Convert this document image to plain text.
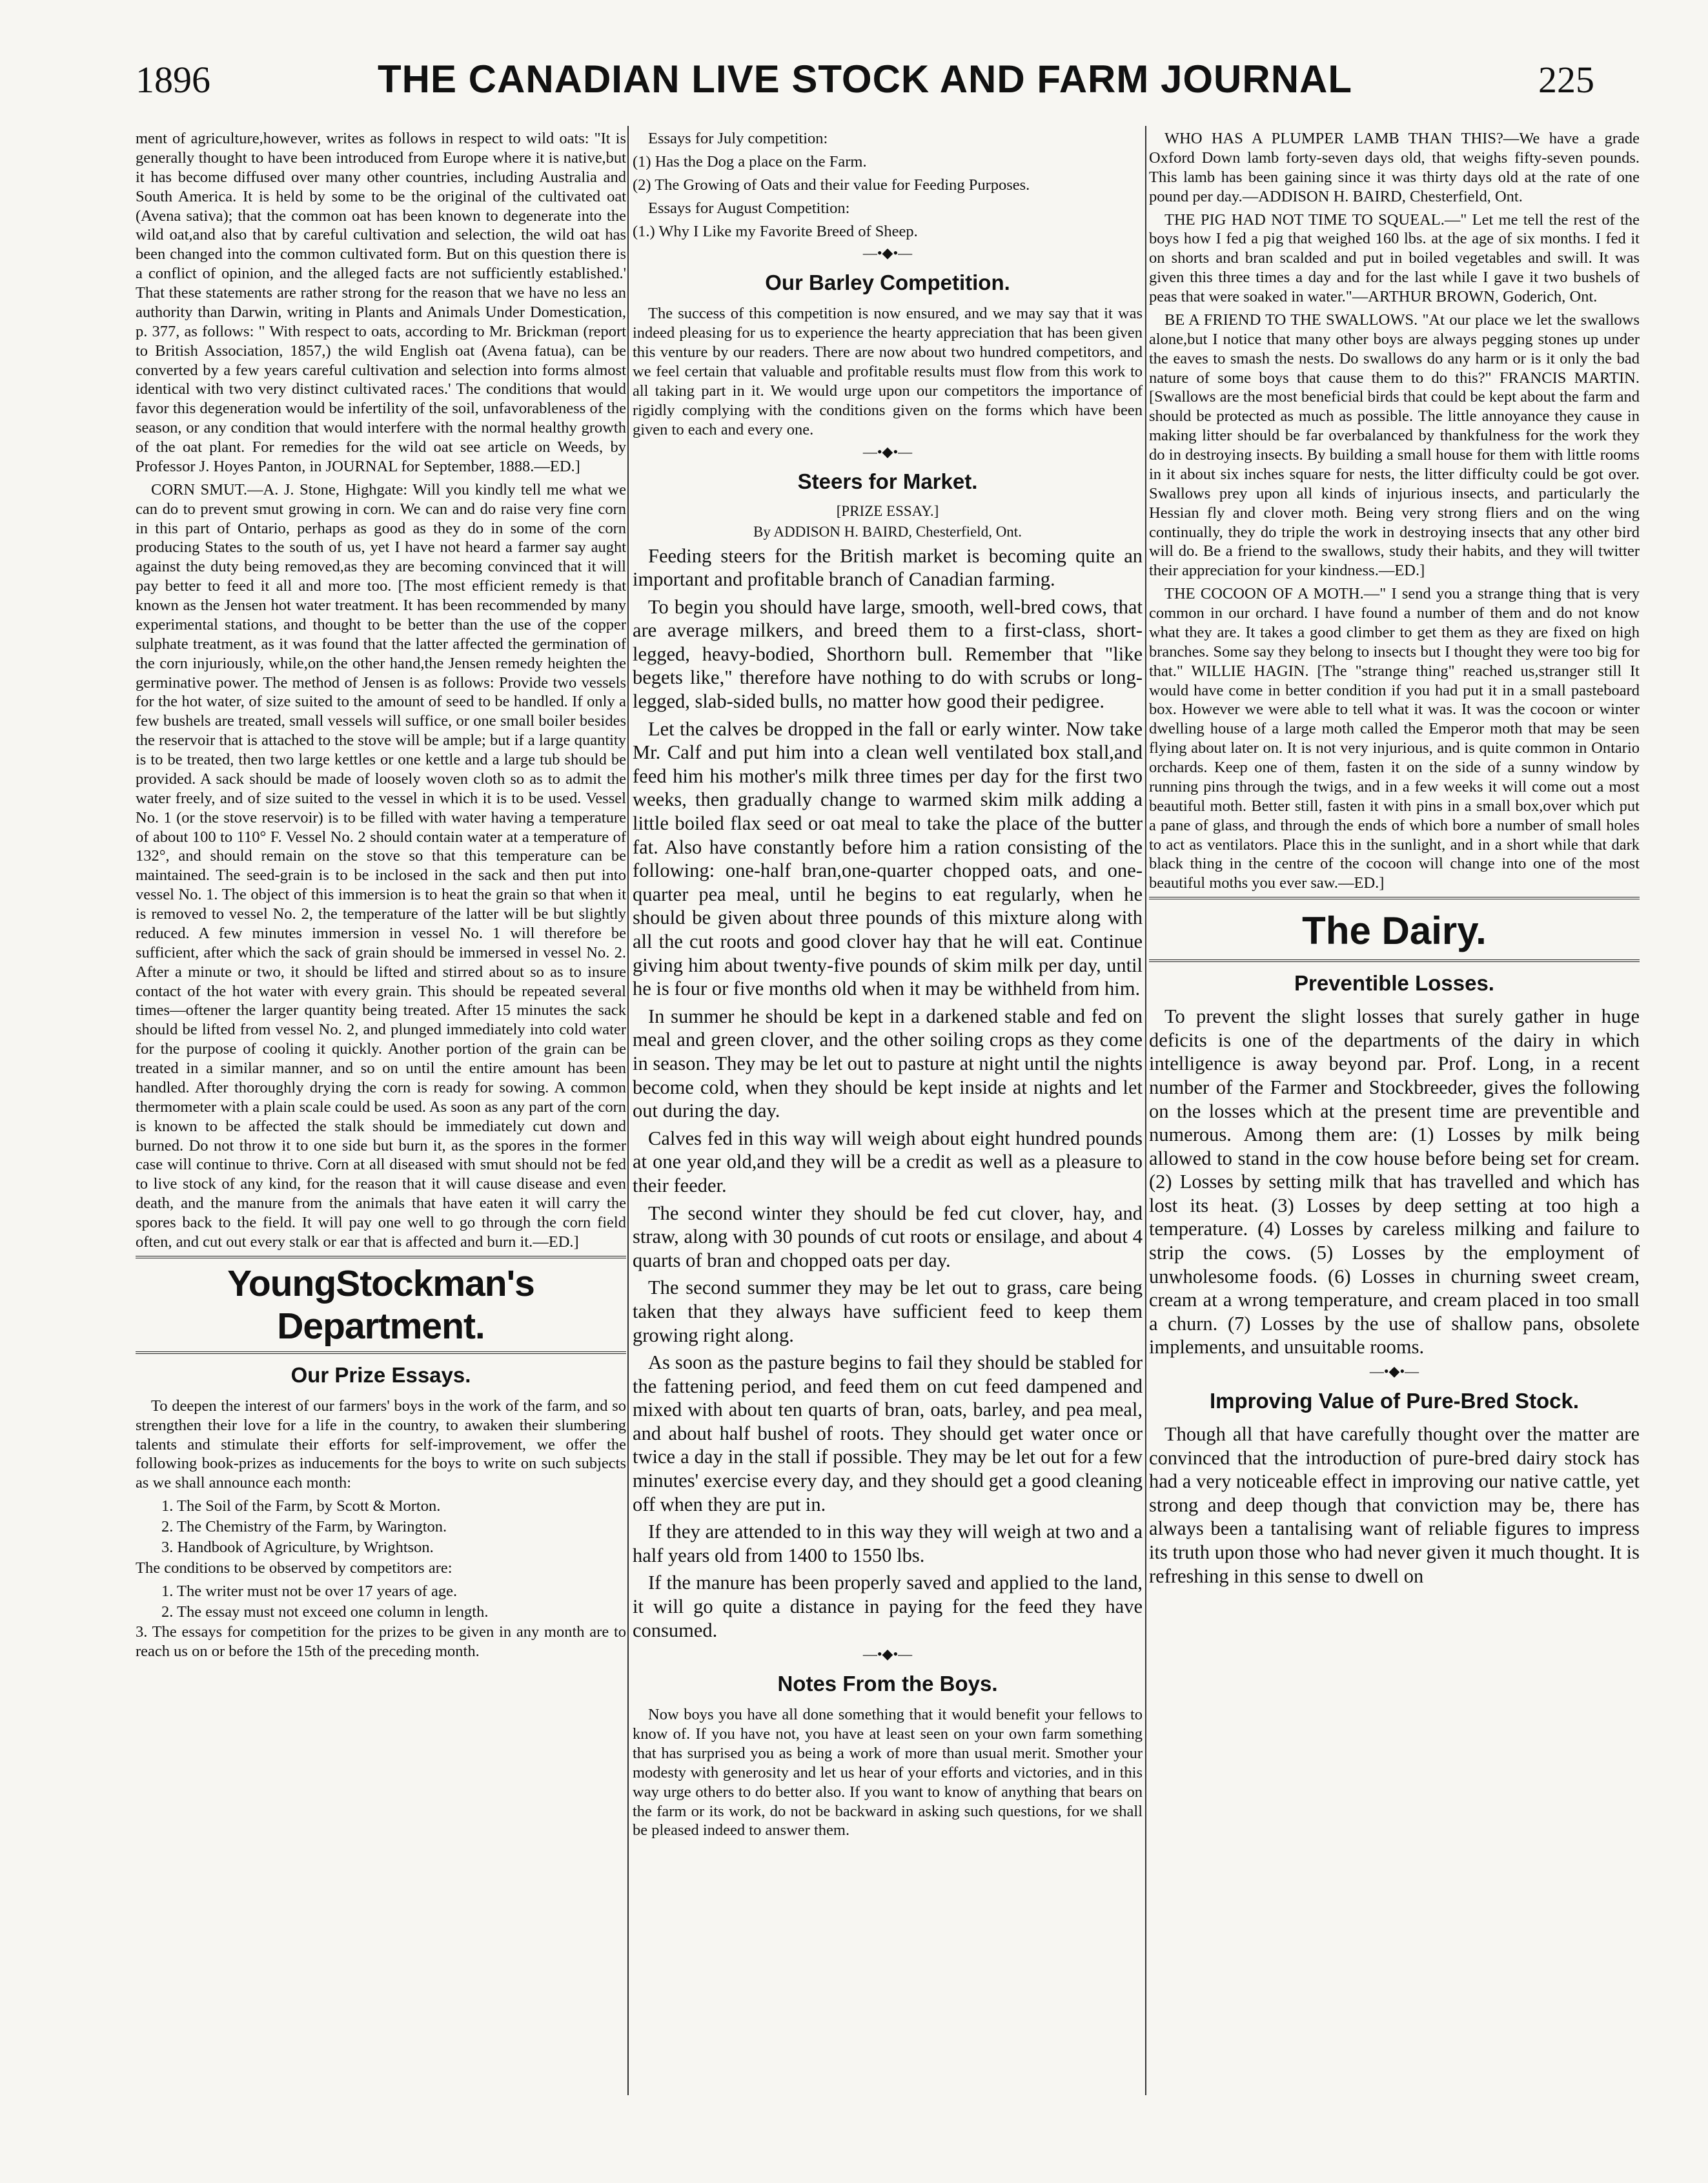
1896	THE CANADIAN LIVE STOCK AND FARM JOURNAL	225

ment of agriculture,however, writes as follows in respect to wild oats: "It is generally thought to have been introduced from Europe where it is native,but it has become diffused over many other countries, including Australia and South America. It is held by some to be the original of the cultivated oat (Avena sativa); that the common oat has been known to degenerate into the wild oat,and also that by careful cultivation and selection, the wild oat has been changed into the common cultivated form. But on this question there is a conflict of opinion, and the alleged facts are not sufficiently established.' That these statements are rather strong for the reason that we have no less an authority than Darwin, writing in Plants and Animals Under Domestication, p. 377, as follows: " With respect to oats, according to Mr. Brickman (report to British Association, 1857,) the wild English oat (Avena fatua), can be converted by a few years careful cultivation and selection into forms almost identical with two very distinct cultivated races.' The conditions that would favor this degeneration would be infertility of the soil, unfavorableness of the season, or any condition that would interfere with the normal healthy growth of the oat plant. For remedies for the wild oat see article on Weeds, by Professor J. Hoyes Panton, in JOURNAL for September, 1888.—ED.]

CORN SMUT.—A. J. Stone, Highgate: Will you kindly tell me what we can do to prevent smut growing in corn. We can and do raise very fine corn in this part of Ontario, perhaps as good as they do in some of the corn producing States to the south of us, yet I have not heard a farmer say aught against the duty being removed,as they are becoming convinced that it will pay better to feed it all and more too. [The most efficient remedy is that known as the Jensen hot water treatment. It has been recommended by many experimental stations, and thought to be better than the use of the copper sulphate treatment, as it was found that the latter affected the germination of the corn injuriously, while,on the other hand,the Jensen remedy heighten the germinative power. The method of Jensen is as follows: Provide two vessels for the hot water, of size suited to the amount of seed to be handled. If only a few bushels are treated, small vessels will suffice, or one small boiler besides the reservoir that is attached to the stove will be ample; but if a large quantity is to be treated, then two large kettles or one kettle and a large tub should be provided. A sack should be made of loosely woven cloth so as to admit the water freely, and of size suited to the vessel in which it is to be used. Vessel No. 1 (or the stove reservoir) is to be filled with water having a temperature of about 100 to 110° F. Vessel No. 2 should contain water at a temperature of 132°, and should remain on the stove so that this temperature can be maintained. The seed-grain is to be inclosed in the sack and then put into vessel No. 1. The object of this immersion is to heat the grain so that when it is removed to vessel No. 2, the temperature of the latter will be but slightly reduced. A few minutes immersion in vessel No. 1 will therefore be sufficient, after which the sack of grain should be immersed in vessel No. 2. After a minute or two, it should be lifted and stirred about so as to insure contact of the hot water with every grain. This should be repeated several times—oftener the larger quantity being treated. After 15 minutes the sack should be lifted from vessel No. 2, and plunged immediately into cold water for the purpose of cooling it quickly. Another portion of the grain can be treated in a similar manner, and so on until the entire amount has been handled. After thoroughly drying the corn is ready for sowing. A common thermometer with a plain scale could be used. As soon as any part of the corn is known to be affected the stalk should be immediately cut down and burned. Do not throw it to one side but burn it, as the spores in the former case will continue to thrive. Corn at all diseased with smut should not be fed to live stock of any kind, for the reason that it will cause disease and even death, and the manure from the animals that have eaten it will carry the spores back to the field. It will pay one well to go through the corn field often, and cut out every stalk or ear that is affected and burn it.—ED.]

YoungStockman's Department.
Our Prize Essays.

To deepen the interest of our farmers' boys in the work of the farm, and so strengthen their love for a life in the country, to awaken their slumbering talents and stimulate their efforts for self-improvement, we offer the following book-prizes as inducements for the boys to write on such subjects as we shall announce each month:

1. The Soil of the Farm, by Scott & Morton.

2. The Chemistry of the Farm, by Warington.

3. Handbook of Agriculture, by Wrightson.

The conditions to be observed by competitors are:

1. The writer must not be over 17 years of age.

2. The essay must not exceed one column in length.

3. The essays for competition for the prizes to be given in any month are to reach us on or before the 15th of the preceding month.

Essays for July competition:

(1) Has the Dog a place on the Farm.

(2) The Growing of Oats and their value for Feeding Purposes.

Essays for August Competition:

(1.) Why I Like my Favorite Breed of Sheep.

—•◆•—
Our Barley Competition.

The success of this competition is now ensured, and we may say that it was indeed pleasing for us to experience the hearty appreciation that has been given this venture by our readers. There are now about two hundred competitors, and we feel certain that valuable and profitable results must flow from this work to all taking part in it. We would urge upon our competitors the importance of rigidly complying with the conditions given on the forms which have been given to each and every one.

—•◆•—
Steers for Market.
[PRIZE ESSAY.]
By ADDISON H. BAIRD, Chesterfield, Ont.

Feeding steers for the British market is becoming quite an important and profitable branch of Canadian farming.

To begin you should have large, smooth, well-bred cows, that are average milkers, and breed them to a first-class, short-legged, heavy-bodied, Shorthorn bull. Remember that "like begets like," therefore have nothing to do with scrubs or long-legged, slab-sided bulls, no matter how good their pedigree.

Let the calves be dropped in the fall or early winter. Now take Mr. Calf and put him into a clean well ventilated box stall,and feed him his mother's milk three times per day for the first two weeks, then gradually change to warmed skim milk adding a little boiled flax seed or oat meal to take the place of the butter fat. Also have constantly before him a ration consisting of the following: one-half bran,one-quarter chopped oats, and one-quarter pea meal, until he begins to eat regularly, when he should be given about three pounds of this mixture along with all the cut roots and good clover hay that he will eat. Continue giving him about twenty-five pounds of skim milk per day, until he is four or five months old when it may be withheld from him.

In summer he should be kept in a darkened stable and fed on meal and green clover, and the other soiling crops as they come in season. They may be let out to pasture at night until the nights become cold, when they should be kept inside at nights and let out during the day.

Calves fed in this way will weigh about eight hundred pounds at one year old,and they will be a credit as well as a pleasure to their feeder.

The second winter they should be fed cut clover, hay, and straw, along with 30 pounds of cut roots or ensilage, and about 4 quarts of bran and chopped oats per day.

The second summer they may be let out to grass, care being taken that they always have sufficient feed to keep them growing right along.

As soon as the pasture begins to fail they should be stabled for the fattening period, and feed them on cut feed dampened and mixed with about ten quarts of bran, oats, barley, and pea meal, and about half bushel of roots. They should get water once or twice a day in the stall if possible. They may be let out for a few minutes' exercise every day, and they should get a good cleaning off when they are put in.

If they are attended to in this way they will weigh at two and a half years old from 1400 to 1550 lbs.

If the manure has been properly saved and applied to the land, it will go quite a distance in paying for the feed they have consumed.

—•◆•—
Notes From the Boys.

Now boys you have all done something that it would benefit your fellows to know of. If you have not, you have at least seen on your own farm something that has surprised you as being a work of more than usual merit. Smother your modesty with generosity and let us hear of your efforts and victories, and in this way urge others to do better also. If you want to know of anything that bears on the farm or its work, do not be backward in asking such questions, for we shall be pleased indeed to answer them.

WHO HAS A PLUMPER LAMB THAN THIS?—We have a grade Oxford Down lamb forty-seven days old, that weighs fifty-seven pounds. This lamb has been gaining since it was thirty days old at the rate of one pound per day.—ADDISON H. BAIRD, Chesterfield, Ont.

THE PIG HAD NOT TIME TO SQUEAL.—" Let me tell the rest of the boys how I fed a pig that weighed 160 lbs. at the age of six months. I fed it on shorts and bran scalded and put in boiled vegetables and swill. It was given this three times a day and for the last while I gave it two bushels of peas that were soaked in water."—ARTHUR BROWN, Goderich, Ont.

BE A FRIEND TO THE SWALLOWS. "At our place we let the swallows alone,but I notice that many other boys are always pegging stones up under the eaves to smash the nests. Do swallows do any harm or is it only the bad nature of some boys that cause them to do this?" FRANCIS MARTIN. [Swallows are the most beneficial birds that could be kept about the farm and should be protected as much as possible. The little annoyance they cause in making litter should be far overbalanced by thankfulness for the work they do in destroying insects. By building a small house for them with little rooms in it about six inches square for nests, the litter difficulty could be got over. Swallows prey upon all kinds of injurious insects, and particularly the Hessian fly and clover moth. Being very strong fliers and on the wing continually, they do triple the work in destroying insects that any other bird will do. Be a friend to the swallows, study their habits, and they will twitter their appreciation for your kindness.—ED.]

THE COCOON OF A MOTH.—" I send you a strange thing that is very common in our orchard. I have found a number of them and do not know what they are. It takes a good climber to get them as they are fixed on high branches. Some say they belong to insects but I thought they were too big for that." WILLIE HAGIN. [The "strange thing" reached us,stranger still It would have come in better condition if you had put it in a small pasteboard box. However we were able to tell what it was. It was the cocoon or winter dwelling house of a large moth called the Emperor moth that may be seen flying about later on. It is not very injurious, and is quite common in Ontario orchards. Keep one of them, fasten it on the side of a sunny window by running pins through the twigs, and in a few weeks it will come out a most beautiful moth. Better still, fasten it with pins in a small box,over which put a pane of glass, and through the ends of which bore a number of small holes to act as ventilators. Place this in the sunlight, and in a short while that dark black thing in the centre of the cocoon will change into one of the most beautiful moths you ever saw.—ED.]

The Dairy.
Preventible Losses.

To prevent the slight losses that surely gather in huge deficits is one of the departments of the dairy in which intelligence is away beyond par. Prof. Long, in a recent number of the Farmer and Stockbreeder, gives the following on the losses which at the present time are preventible and numerous. Among them are: (1) Losses by milk being allowed to stand in the cow house before being set for cream. (2) Losses by setting milk that has travelled and which has lost its heat. (3) Losses by deep setting at too high a temperature. (4) Losses by careless milking and failure to strip the cows. (5) Losses by the employment of unwholesome foods. (6) Losses in churning sweet cream, cream at a wrong temperature, and cream placed in too small a churn. (7) Losses by the use of shallow pans, obsolete implements, and unsuitable rooms.

—•◆•—
Improving Value of Pure-Bred Stock.

Though all that have carefully thought over the matter are convinced that the introduction of pure-bred dairy stock has had a very noticeable effect in improving our native cattle, yet strong and deep though that conviction may be, there has always been a tantalising want of reliable figures to impress its truth upon those who had never given it much thought. It is refreshing in this sense to dwell on
